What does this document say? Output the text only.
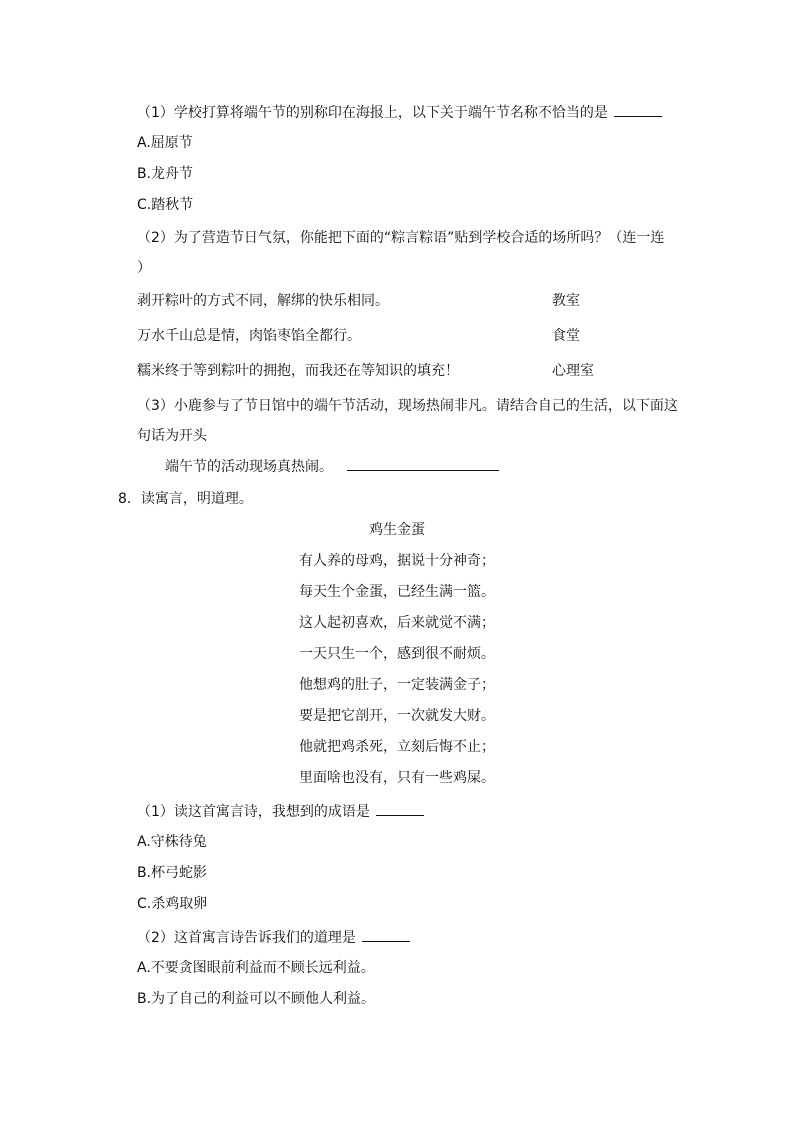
（1）学校打算将端午节的别称印在海报上，以下关于端午节名称不恰当的是
A.屈原节
B.龙舟节
C.踏秋节
（2）为了营造节日气氛，你能把下面的“粽言粽语”贴到学校合适的场所吗？（连一连
）
剥开粽叶的方式不同，解绑的快乐相同。	教室
万水千山总是情，肉馅枣馅全都行。	食堂
糯米终于等到粽叶的拥抱，而我还在等知识的填充！	心理室
（3）小鹿参与了节日馆中的端午节活动，现场热闹非凡。请结合自己的生活，以下面这
句话为开头
端午节的活动现场真热闹。
8．读寓言，明道理。
鸡生金蛋
有人养的母鸡，据说十分神奇；
每天生个金蛋，已经生满一篮。
这人起初喜欢，后来就觉不满；
一天只生一个，感到很不耐烦。
他想鸡的肚子，一定装满金子；
要是把它剖开，一次就发大财。
他就把鸡杀死，立刻后悔不止；
里面啥也没有，只有一些鸡屎。
（1）读这首寓言诗，我想到的成语是
A.守株待兔
B.杯弓蛇影
C.杀鸡取卵
（2）这首寓言诗告诉我们的道理是
A.不要贪图眼前利益而不顾长远利益。
B.为了自己的利益可以不顾他人利益。
